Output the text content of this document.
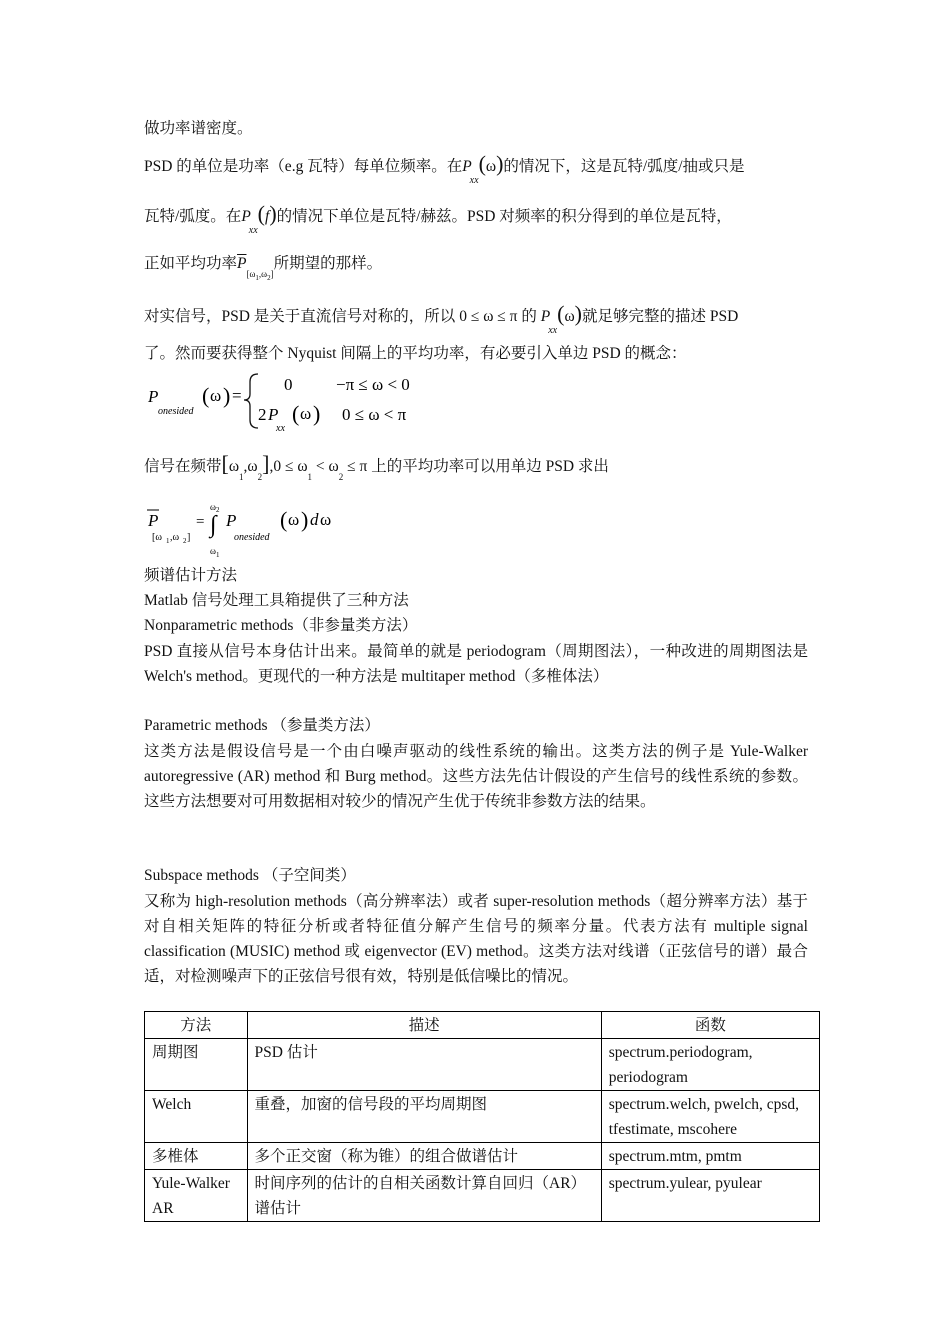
做功率谱密度。
PSD 的单位是功率（e.g 瓦特）每单位频率。在$P_{xx}(\omega)$的情况下，这是瓦特/弧度/抽或只是
瓦特/弧度。在$P_{xx}(f)$的情况下单位是瓦特/赫兹。PSD 对频率的积分得到的单位是瓦特，
正如平均功率$\overline{P}_{[\omega_1,\omega_2]}$所期望的那样。
对实信号，PSD 是关于直流信号对称的，所以 0 ≤ ω ≤ π 的 $P_{xx}(\omega)$就足够完整的描述 PSD
了。然而要获得整个 Nyquist 间隔上的平均功率，有必要引入单边 PSD 的概念：
P
onesided
( ω ) =
0	−π ≤ ω < 0
2 P
xx
( ω ) 0 ≤ ω < π
信号在频带$[\omega_1,\omega_2],0 \le \omega_1 < \omega_2 \le \pi$ 上的平均功率可以用单边 PSD 求出
P
[ω 1 ,ω 2 ]
= ∫
ω 2
ω 1
P
onesided
( ω ) d ω
频谱估计方法
Matlab 信号处理工具箱提供了三种方法
Nonparametric methods（非参量类方法）
PSD 直接从信号本身估计出来。最简单的就是 periodogram（周期图法），一种改进的周期图法是 Welch's method。更现代的一种方法是 multitaper method（多椎体法）
Parametric methods （参量类方法）
这类方法是假设信号是一个由白噪声驱动的线性系统的输出。这类方法的例子是 Yule-Walker autoregressive (AR) method 和 Burg method。这些方法先估计假设的产生信号的线性系统的参数。这些方法想要对可用数据相对较少的情况产生优于传统非参数方法的结果。
Subspace methods （子空间类）
又称为 high-resolution methods（高分辨率法）或者 super-resolution methods（超分辨率方法）基于对自相关矩阵的特征分析或者特征值分解产生信号的频率分量。代表方法有 multiple signal classification (MUSIC) method 或 eigenvector (EV) method。这类方法对线谱（正弦信号的谱）最合适，对检测噪声下的正弦信号很有效，特别是低信噪比的情况。
方法	描述	函数
周期图	PSD 估计	spectrum.periodogram, periodogram
Welch	重叠，加窗的信号段的平均周期图	spectrum.welch, pwelch, cpsd, tfestimate, mscohere
多椎体	多个正交窗（称为锥）的组合做谱估计	spectrum.mtm, pmtm
Yule-Walker AR	时间序列的估计的自相关函数计算自回归（AR）谱估计	spectrum.yulear, pyulear
